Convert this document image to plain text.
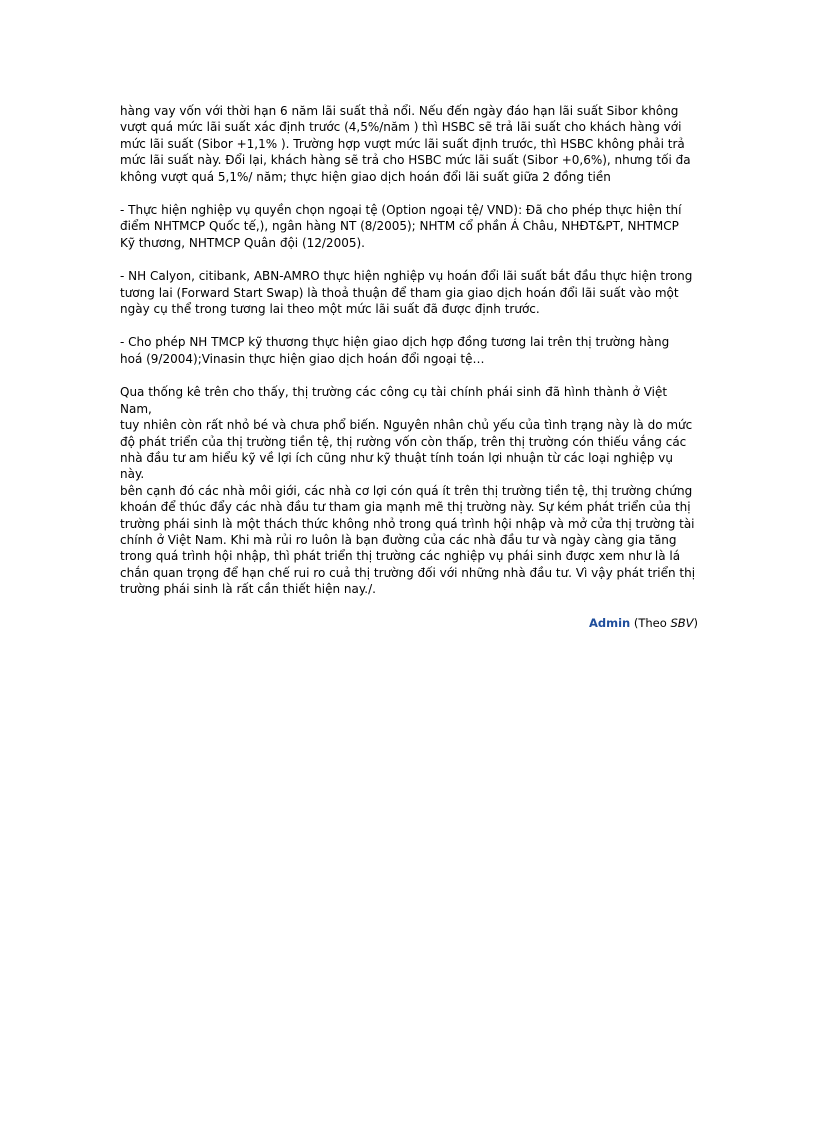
hàng vay vốn với thời hạn 6 năm lãi suất thả nổi. Nếu đến ngày đáo hạn lãi suất Sibor không
vượt quá mức lãi suất xác định trước (4,5%/năm ) thì HSBC sẽ trả lãi suất cho khách hàng với
mức lãi suất (Sibor +1,1% ). Trường hợp vượt mức lãi suất định trước, thì HSBC không phải trả
mức lãi suất này. Đổi lại, khách hàng sẽ trả cho HSBC mức lãi suất (Sibor +0,6%), nhưng tối đa
không vượt quá 5,1%/ năm; thực hiện giao dịch hoán đổi lãi suất giữa 2 đồng tiền

- Thực hiện nghiệp vụ quyền chọn ngoại tệ (Option ngoại tệ/ VND): Đã cho phép thực hiện thí
điểm NHTMCP Quốc tế,), ngân hàng NT (8/2005); NHTM cổ phần Á Châu, NHĐT&PT, NHTMCP
Kỹ thương, NHTMCP Quân đội (12/2005).

- NH Calyon, citibank, ABN-AMRO thực hiện nghiệp vụ hoán đổi lãi suất bắt đầu thực hiện trong
tương lai (Forward Start Swap) là thoả thuận để tham gia giao dịch hoán đổi lãi suất vào một
ngày cụ thể trong tương lai theo một mức lãi suất đã được định trước.

- Cho phép NH TMCP kỹ thương thực hiện giao dịch hợp đồng tương lai trên thị trường hàng
hoá (9/2004);Vinasin thực hiện giao dịch hoán đổi ngoại tệ…

Qua thống kê trên cho thấy, thị trường các công cụ tài chính phái sinh đã hình thành ở Việt Nam,
tuy nhiên còn rất nhỏ bé và chưa phổ biến. Nguyên nhân chủ yếu của tình trạng này là do mức
độ phát triển của thị trường tiền tệ, thị rường vốn còn thấp, trên thị trường cón thiếu vắng các
nhà đầu tư am hiểu kỹ về lợi ích cũng như kỹ thuật tính toán lợi nhuận từ các loại nghiệp vụ này.
bên cạnh đó các nhà môi giới, các nhà cơ lợi cón quá ít trên thị trường tiền tệ, thị trường chứng
khoán để thúc đẩy các nhà đầu tư tham gia mạnh mẽ thị trường này. Sự kém phát triển của thị
trường phái sinh là một thách thức không nhỏ trong quá trình hội nhập và mở cửa thị trường tài
chính ở Việt Nam. Khi mà rủi ro luôn là bạn đường của các nhà đầu tư và ngày càng gia tăng
trong quá trình hội nhập, thì phát triển thị trường các nghiệp vụ phái sinh được xem như là lá
chắn quan trọng để hạn chế rui ro cuả thị trường đối với những nhà đầu tư. Vì vậy phát triển thị
trường phái sinh là rất cần thiết hiện nay./.

Admin (Theo SBV)
